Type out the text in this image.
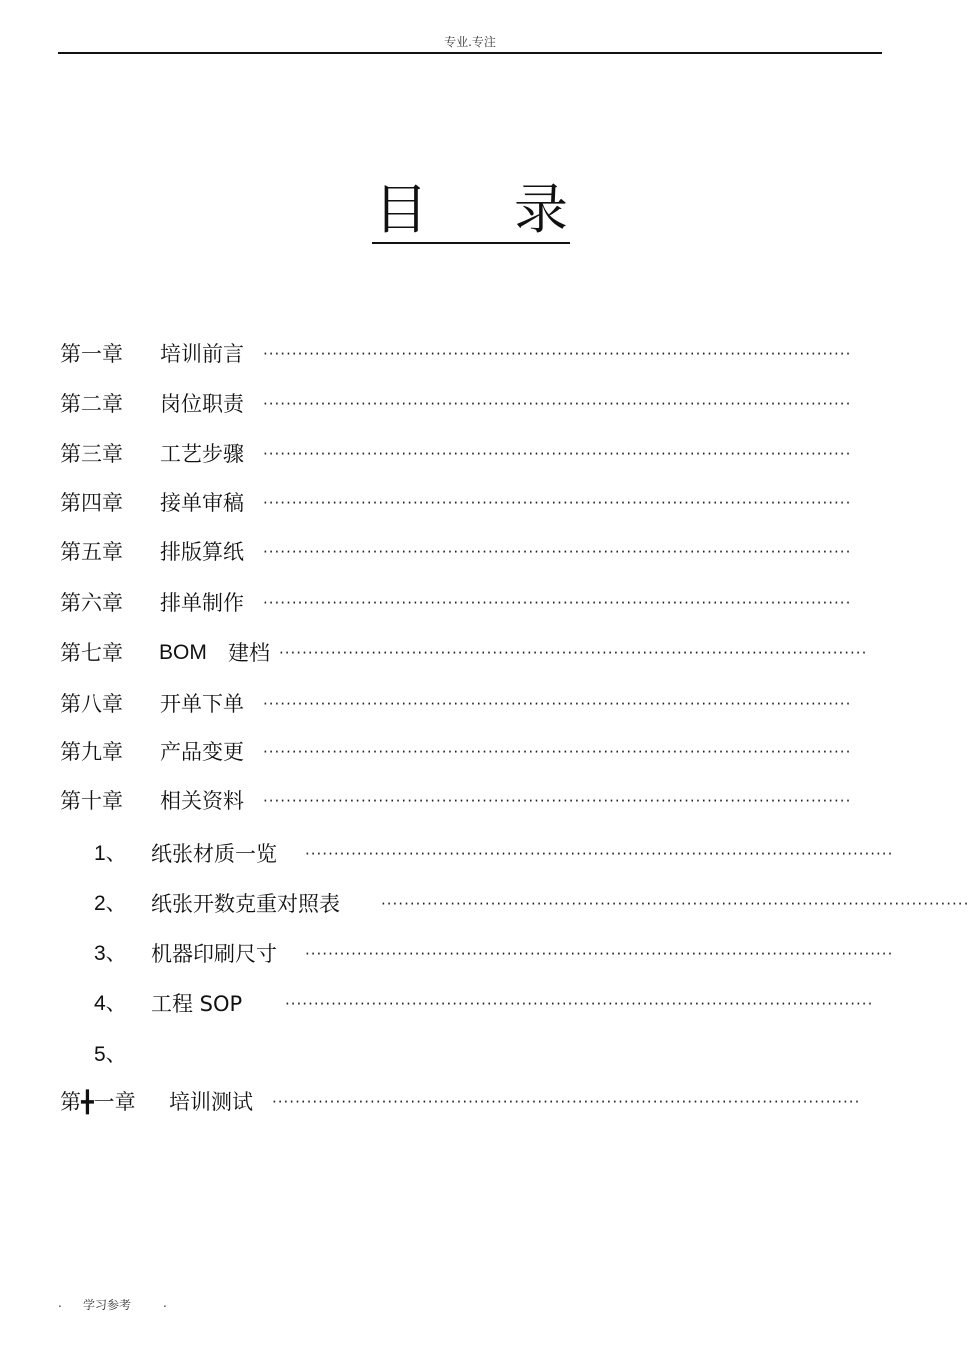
专业.专注
目 录
第一章 培训前言 ······································································································
第二章 岗位职责 ······································································································
第三章 工艺步骤 ······································································································
第四章 接单审稿 ······································································································
第五章 排版算纸 ······································································································
第六章 排单制作 ······································································································
第七章 BOM 建档 ······································································································
第八章 开单下单 ······································································································
第九章 产品变更 ······································································································
第十章 相关资料 ······································································································
1、 纸张材质一览 ······································································································
2、 纸张开数克重对照表	······································································································
3、 机器印刷尺寸 ······································································································
4、 工程 SOP	······································································································
5、
第╋一章 培训测试 ······································································································
. 学习参考	.
